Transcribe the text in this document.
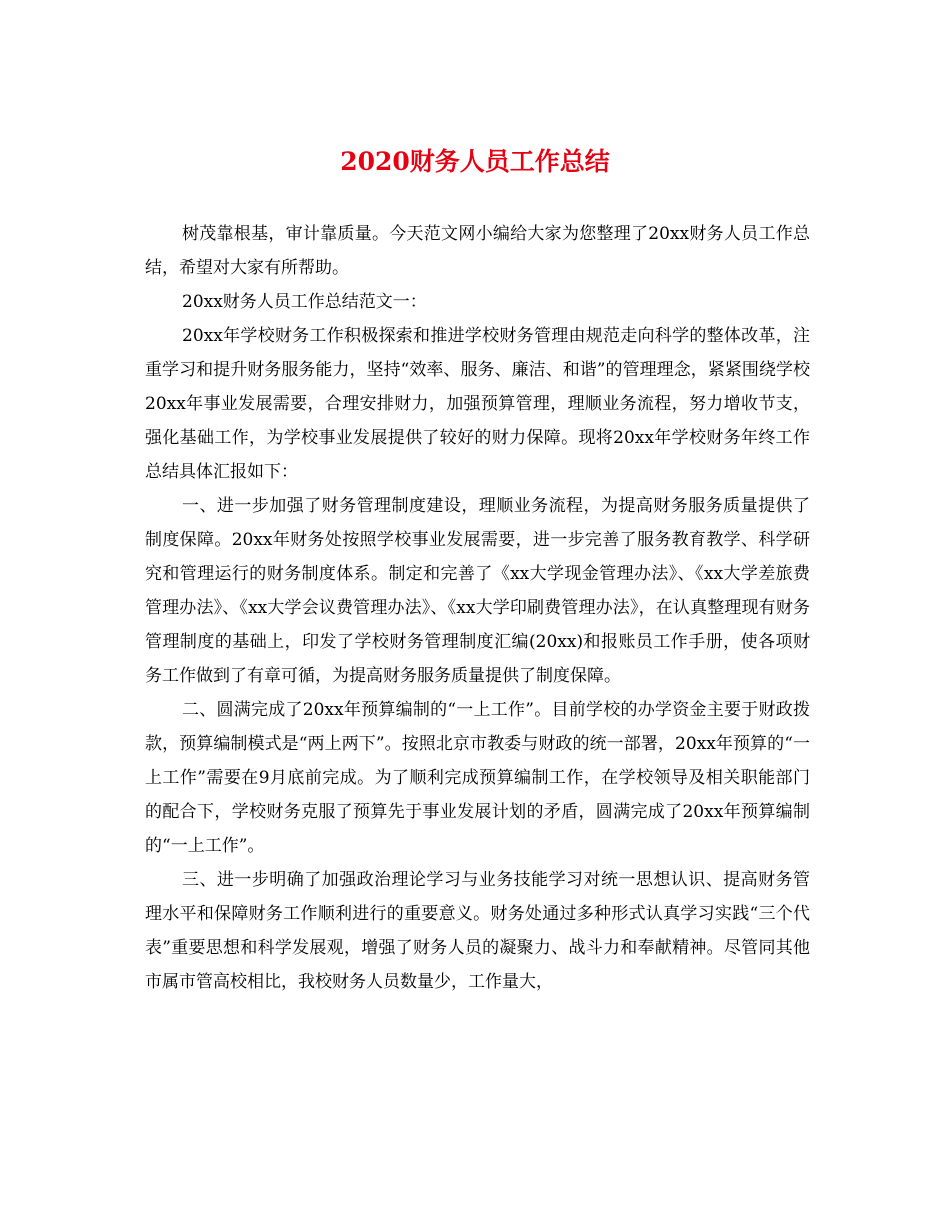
2020财务人员工作总结

树茂靠根基，审计靠质量。今天范文网小编给大家为您整理了20xx财务人员工作总结，希望对大家有所帮助。

20xx财务人员工作总结范文一：

20xx年学校财务工作积极探索和推进学校财务管理由规范走向科学的整体改革，注重学习和提升财务服务能力，坚持“效率、服务、廉洁、和谐”的管理理念，紧紧围绕学校20xx年事业发展需要，合理安排财力，加强预算管理，理顺业务流程，努力增收节支，强化基础工作，为学校事业发展提供了较好的财力保障。现将20xx年学校财务年终工作总结具体汇报如下：

一、进一步加强了财务管理制度建设，理顺业务流程，为提高财务服务质量提供了制度保障。20xx年财务处按照学校事业发展需要，进一步完善了服务教育教学、科学研究和管理运行的财务制度体系。制定和完善了《xx大学现金管理办法》、《xx大学差旅费管理办法》、《xx大学会议费管理办法》、《xx大学印刷费管理办法》，在认真整理现有财务管理制度的基础上，印发了学校财务管理制度汇编(20xx)和报账员工作手册，使各项财务工作做到了有章可循，为提高财务服务质量提供了制度保障。

二、圆满完成了20xx年预算编制的“一上工作”。目前学校的办学资金主要于财政拨款，预算编制模式是“两上两下”。按照北京市教委与财政的统一部署，20xx年预算的“一上工作”需要在9月底前完成。为了顺利完成预算编制工作，在学校领导及相关职能部门的配合下，学校财务克服了预算先于事业发展计划的矛盾，圆满完成了20xx年预算编制的“一上工作”。

三、进一步明确了加强政治理论学习与业务技能学习对统一思想认识、提高财务管理水平和保障财务工作顺利进行的重要意义。财务处通过多种形式认真学习实践“三个代表”重要思想和科学发展观，增强了财务人员的凝聚力、战斗力和奉献精神。尽管同其他市属市管高校相比，我校财务人员数量少，工作量大，
